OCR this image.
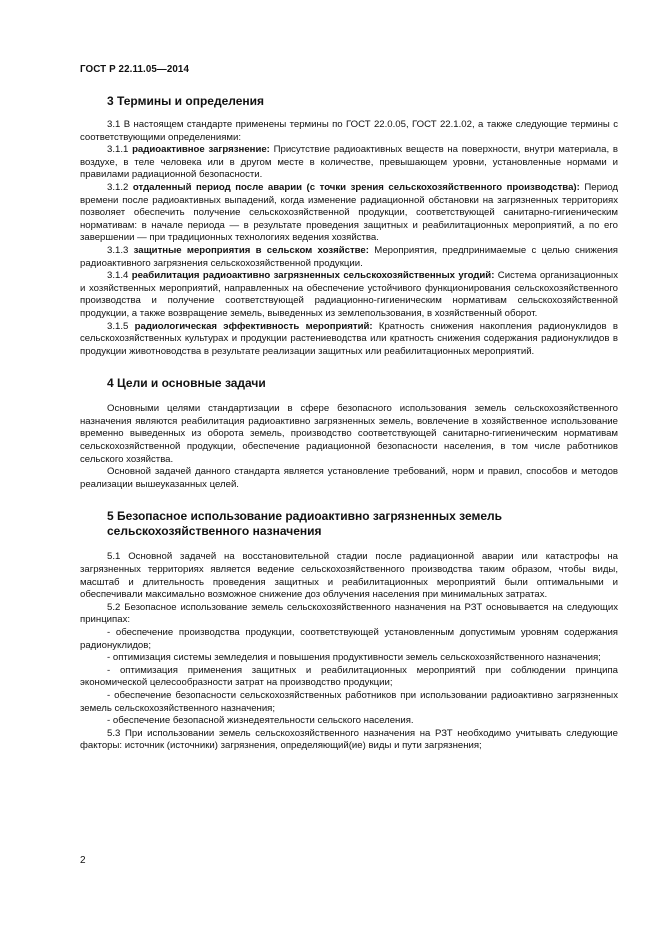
ГОСТ Р 22.11.05—2014
3 Термины и определения

3.1 В настоящем стандарте применены термины по ГОСТ 22.0.05, ГОСТ 22.1.02, а также следующие термины с соответствующими определениями:

3.1.1 радиоактивное загрязнение: Присутствие радиоактивных веществ на поверхности, внутри материала, в воздухе, в теле человека или в другом месте в количестве, превышающем уровни, установленные нормами и правилами радиационной безопасности.

3.1.2 отдаленный период после аварии (с точки зрения сельскохозяйственного производства): Период времени после радиоактивных выпадений, когда изменение радиационной обстановки на загрязненных территориях позволяет обеспечить получение сельскохозяйственной продукции, соответствующей санитарно-гигиеническим нормативам: в начале периода — в результате проведения защитных и реабилитационных мероприятий, а по его завершении — при традиционных технологиях ведения хозяйства.

3.1.3 защитные мероприятия в сельском хозяйстве: Мероприятия, предпринимаемые с целью снижения радиоактивного загрязнения сельскохозяйственной продукции.

3.1.4 реабилитация радиоактивно загрязненных сельскохозяйственных угодий: Система организационных и хозяйственных мероприятий, направленных на обеспечение устойчивого функционирования сельскохозяйственного производства и получение соответствующей радиационно-гигиеническим нормативам сельскохозяйственной продукции, а также возвращение земель, выведенных из землепользования, в хозяйственный оборот.

3.1.5 радиологическая эффективность мероприятий: Кратность снижения накопления радионуклидов в сельскохозяйственных культурах и продукции растениеводства или кратность снижения содержания радионуклидов в продукции животноводства в результате реализации защитных или реабилитационных мероприятий.

4 Цели и основные задачи

Основными целями стандартизации в сфере безопасного использования земель сельскохозяйственного назначения являются реабилитация радиоактивно загрязненных земель, вовлечение в хозяйственное использование временно выведенных из оборота земель, производство соответствующей санитарно-гигиеническим нормативам сельскохозяйственной продукции, обеспечение радиационной безопасности населения, в том числе работников сельского хозяйства.

Основной задачей данного стандарта является установление требований, норм и правил, способов и методов реализации вышеуказанных целей.

5 Безопасное использование радиоактивно загрязненных земель
сельскохозяйственного назначения

5.1 Основной задачей на восстановительной стадии после радиационной аварии или катастрофы на загрязненных территориях является ведение сельскохозяйственного производства таким образом, чтобы виды, масштаб и длительность проведения защитных и реабилитационных мероприятий были оптимальными и обеспечивали максимально возможное снижение доз облучения населения при минимальных затратах.

5.2 Безопасное использование земель сельскохозяйственного назначения на РЗТ основывается на следующих принципах:

- обеспечение производства продукции, соответствующей установленным допустимым уровням содержания радионуклидов;

- оптимизация системы земледелия и повышения продуктивности земель сельскохозяйственного назначения;

- оптимизация применения защитных и реабилитационных мероприятий при соблюдении принципа экономической целесообразности затрат на производство продукции;

- обеспечение безопасности сельскохозяйственных работников при использовании радиоактивно загрязненных земель сельскохозяйственного назначения;

- обеспечение безопасной жизнедеятельности сельского населения.

5.3 При использовании земель сельскохозяйственного назначения на РЗТ необходимо учитывать следующие факторы: источник (источники) загрязнения, определяющий(ие) виды и пути загрязнения;

2
